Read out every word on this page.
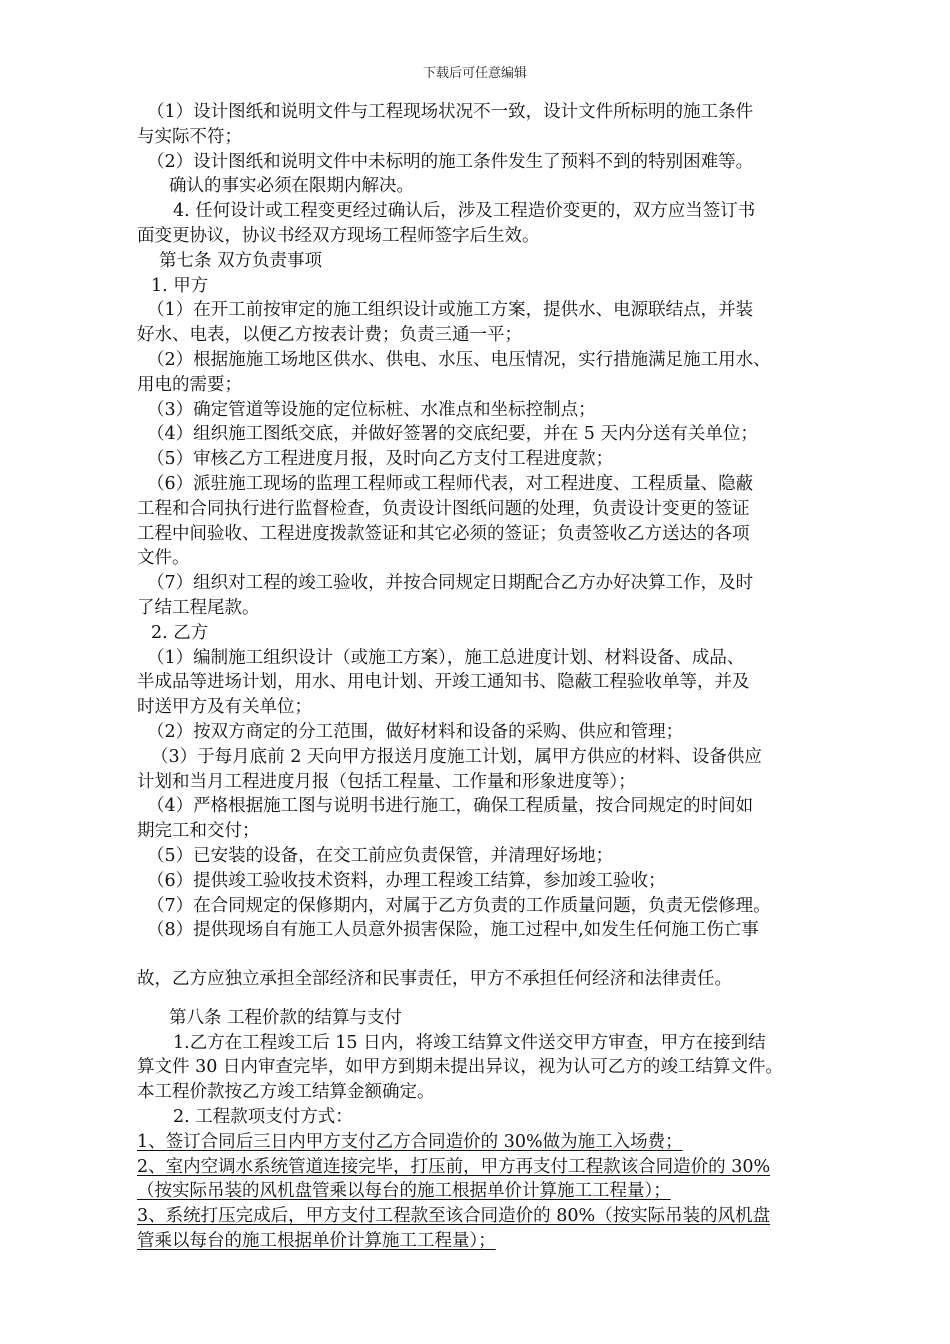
下载后可任意编辑
（1）设计图纸和说明文件与工程现场状况不一致，设计文件所标明的施工条件
与实际不符；
（2）设计图纸和说明文件中未标明的施工条件发生了预料不到的特别困难等。
确认的事实必须在限期内解决。
4. 任何设计或工程变更经过确认后，涉及工程造价变更的，双方应当签订书
面变更协议，协议书经双方现场工程师签字后生效。
第七条 双方负责事项
1. 甲方
（1）在开工前按审定的施工组织设计或施工方案，提供水、电源联结点，并装
好水、电表，以便乙方按表计费；负责三通一平；
（2）根据施施工场地区供水、供电、水压、电压情况，实行措施满足施工用水、
用电的需要；
（3）确定管道等设施的定位标桩、水准点和坐标控制点；
（4）组织施工图纸交底，并做好签署的交底纪要，并在 5 天内分送有关单位；
（5）审核乙方工程进度月报，及时向乙方支付工程进度款；
（6）派驻施工现场的监理工程师或工程师代表，对工程进度、工程质量、隐蔽
工程和合同执行进行监督检查，负责设计图纸问题的处理，负责设计变更的签证
工程中间验收、工程进度拨款签证和其它必须的签证；负责签收乙方送达的各项
文件。
（7）组织对工程的竣工验收，并按合同规定日期配合乙方办好决算工作，及时
了结工程尾款。
2. 乙方
（1）编制施工组织设计（或施工方案），施工总进度计划、材料设备、成品、
半成品等进场计划，用水、用电计划、开竣工通知书、隐蔽工程验收单等，并及
时送甲方及有关单位；
（2）按双方商定的分工范围，做好材料和设备的采购、供应和管理；
（3）于每月底前 2 天向甲方报送月度施工计划，属甲方供应的材料、设备供应
计划和当月工程进度月报（包括工程量、工作量和形象进度等）；
（4）严格根据施工图与说明书进行施工，确保工程质量，按合同规定的时间如
期完工和交付；
（5）已安装的设备，在交工前应负责保管，并清理好场地；
（6）提供竣工验收技术资料，办理工程竣工结算，参加竣工验收；
（7）在合同规定的保修期内，对属于乙方负责的工作质量问题，负责无偿修理。
（8）提供现场自有施工人员意外损害保险，施工过程中,如发生任何施工伤亡事
故，乙方应独立承担全部经济和民事责任，甲方不承担任何经济和法律责任。
第八条 工程价款的结算与支付
1.乙方在工程竣工后 15 日内，将竣工结算文件送交甲方审查，甲方在接到结
算文件 30 日内审查完毕，如甲方到期未提出异议，视为认可乙方的竣工结算文件。
本工程价款按乙方竣工结算金额确定。
2. 工程款项支付方式：
1、签订合同后三日内甲方支付乙方合同造价的 30%做为施工入场费；
2、室内空调水系统管道连接完毕，打压前，甲方再支付工程款该合同造价的 30%
（按实际吊装的风机盘管乘以每台的施工根据单价计算施工工程量）；
3、系统打压完成后，甲方支付工程款至该合同造价的 80%（按实际吊装的风机盘
管乘以每台的施工根据单价计算施工工程量）；
